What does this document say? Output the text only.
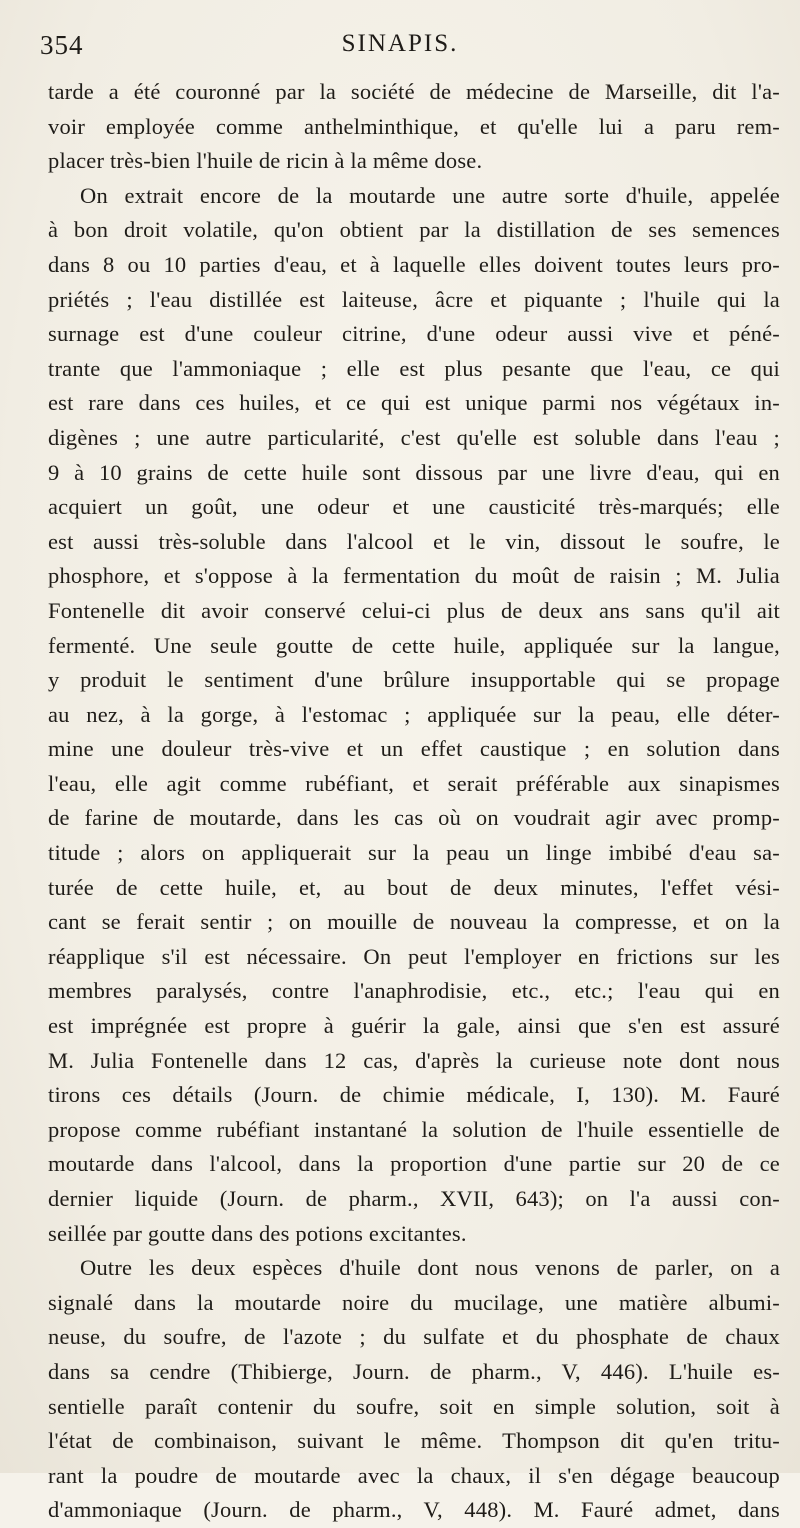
354	SINAPIS.
tarde a été couronné par la société de médecine de Marseille, dit l'a-
voir employée comme anthelminthique, et qu'elle lui a paru rem-
placer très-bien l'huile de ricin à la même dose.
On extrait encore de la moutarde une autre sorte d'huile, appelée
à bon droit volatile, qu'on obtient par la distillation de ses semences
dans 8 ou 10 parties d'eau, et à laquelle elles doivent toutes leurs pro-
priétés ; l'eau distillée est laiteuse, âcre et piquante ; l'huile qui la
surnage est d'une couleur citrine, d'une odeur aussi vive et péné-
trante que l'ammoniaque ; elle est plus pesante que l'eau, ce qui
est rare dans ces huiles, et ce qui est unique parmi nos végétaux in-
digènes ; une autre particularité, c'est qu'elle est soluble dans l'eau ;
9 à 10 grains de cette huile sont dissous par une livre d'eau, qui en
acquiert un goût, une odeur et une causticité très-marqués; elle
est aussi très-soluble dans l'alcool et le vin, dissout le soufre, le
phosphore, et s'oppose à la fermentation du moût de raisin ; M. Julia
Fontenelle dit avoir conservé celui-ci plus de deux ans sans qu'il ait
fermenté. Une seule goutte de cette huile, appliquée sur la langue,
y produit le sentiment d'une brûlure insupportable qui se propage
au nez, à la gorge, à l'estomac ; appliquée sur la peau, elle déter-
mine une douleur très-vive et un effet caustique ; en solution dans
l'eau, elle agit comme rubéfiant, et serait préférable aux sinapismes
de farine de moutarde, dans les cas où on voudrait agir avec promp-
titude ; alors on appliquerait sur la peau un linge imbibé d'eau sa-
turée de cette huile, et, au bout de deux minutes, l'effet vési-
cant se ferait sentir ; on mouille de nouveau la compresse, et on la
réapplique s'il est nécessaire. On peut l'employer en frictions sur les
membres paralysés, contre l'anaphrodisie, etc., etc.; l'eau qui en
est imprégnée est propre à guérir la gale, ainsi que s'en est assuré
M. Julia Fontenelle dans 12 cas, d'après la curieuse note dont nous
tirons ces détails (Journ. de chimie médicale, I, 130). M. Fauré
propose comme rubéfiant instantané la solution de l'huile essentielle de
moutarde dans l'alcool, dans la proportion d'une partie sur 20 de ce
dernier liquide (Journ. de pharm., XVII, 643); on l'a aussi con-
seillée par goutte dans des potions excitantes.
Outre les deux espèces d'huile dont nous venons de parler, on a
signalé dans la moutarde noire du mucilage, une matière albumi-
neuse, du soufre, de l'azote ; du sulfate et du phosphate de chaux
dans sa cendre (Thibierge, Journ. de pharm., V, 446). L'huile es-
sentielle paraît contenir du soufre, soit en simple solution, soit à
l'état de combinaison, suivant le même. Thompson dit qu'en tritu-
rant la poudre de moutarde avec la chaux, il s'en dégage beaucoup
d'ammoniaque (Journ. de pharm., V, 448). M. Fauré admet, dans
